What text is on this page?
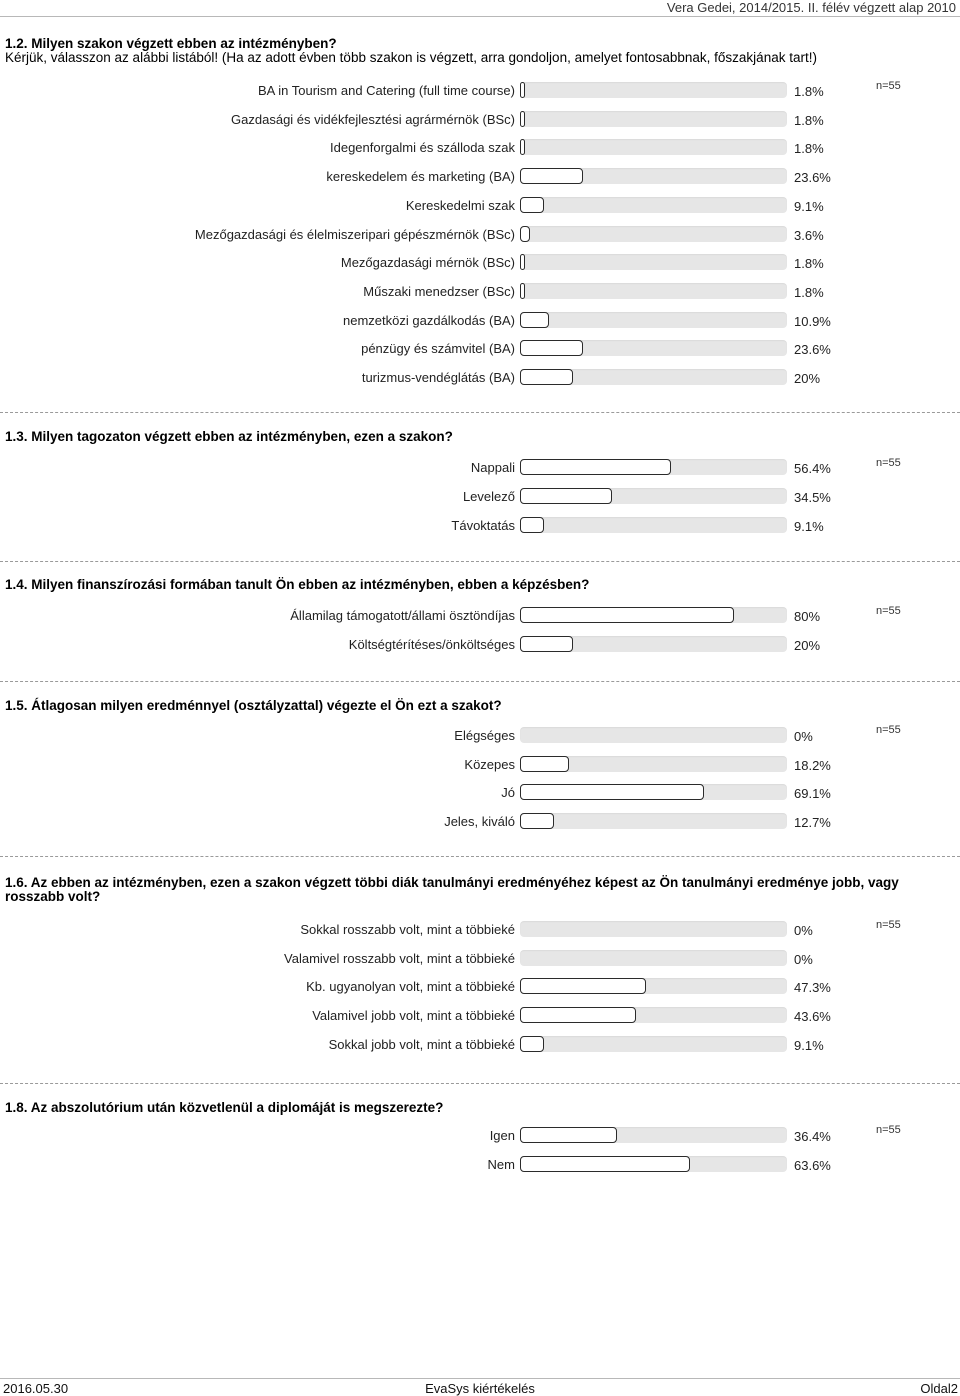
Vera Gedei, 2014/2015. II. félév végzett alap 2010
1.2. Milyen szakon végzett ebben az intézményben?
Kérjük, válasszon az alábbi listából! (Ha az adott évben több szakon is végzett, arra gondoljon, amelyet fontosabbnak, főszakjának tart!)
n=55
BA in Tourism and Catering (full time course)	1.8%
Gazdasági és vidékfejlesztési agrármérnök (BSc)	1.8%
Idegenforgalmi és szálloda szak	1.8%
kereskedelem és marketing (BA)	23.6%
Kereskedelmi szak	9.1%
Mezőgazdasági és élelmiszeripari gépészmérnök (BSc)	3.6%
Mezőgazdasági mérnök (BSc)	1.8%
Műszaki menedzser (BSc)	1.8%
nemzetközi gazdálkodás (BA)	10.9%
pénzügy és számvitel (BA)	23.6%
turizmus-vendéglátás (BA)	20%
1.3. Milyen tagozaton végzett ebben az intézményben, ezen a szakon?
n=55
Nappali	56.4%
Levelező	34.5%
Távoktatás	9.1%
1.4. Milyen finanszírozási formában tanult Ön ebben az intézményben, ebben a képzésben?
n=55
Államilag támogatott/állami ösztöndíjas	80%
Költségtérítéses/önköltséges	20%
1.5. Átlagosan milyen eredménnyel (osztályzattal) végezte el Ön ezt a szakot?
n=55
Elégséges	0%
Közepes	18.2%
Jó	69.1%
Jeles, kiváló	12.7%
1.6. Az ebben az intézményben, ezen a szakon végzett többi diák tanulmányi eredményéhez képest az Ön tanulmányi eredménye jobb, vagy rosszabb volt?
n=55
Sokkal rosszabb volt, mint a többieké	0%
Valamivel rosszabb volt, mint a többieké	0%
Kb. ugyanolyan volt, mint a többieké	47.3%
Valamivel jobb volt, mint a többieké	43.6%
Sokkal jobb volt, mint a többieké	9.1%
1.8. Az abszolutórium után közvetlenül a diplomáját is megszerezte?
n=55
Igen	36.4%
Nem	63.6%
2016.05.30	EvaSys kiértékelés	Oldal2
